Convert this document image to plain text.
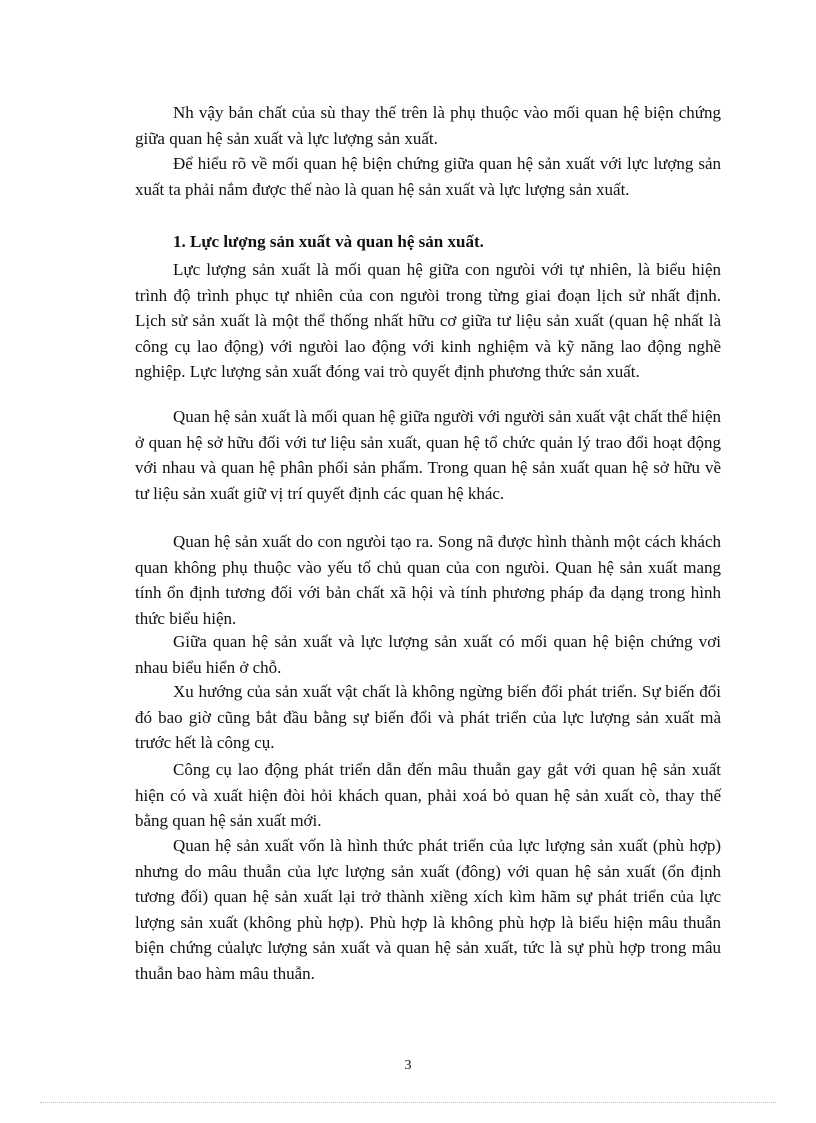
Nh vậy bản chất của sù thay thế trên là phụ thuộc vào mối quan hệ biện chứng giữa quan hệ sản xuất và lực lượng sản xuất.

Để hiểu rõ về mối quan hệ biện chứng giữa quan hệ sản xuất với lực lượng sản xuất ta phải nắm được thế nào là quan hệ sản xuất và lực lượng sản xuất.

1. Lực lượng sản xuất và quan hệ sản xuất.

Lực lượng sản xuất là mối quan hệ giữa con ngưòi với tự nhiên, là biểu hiện trình độ trình phục tự nhiên của con ngưòi trong từng giai đoạn lịch sử nhất định. Lịch sử sản xuất là một thể thống nhất hữu cơ giữa tư liệu sản xuất (quan hệ nhất là công cụ lao động) với ngưòi lao động với kinh nghiệm và kỹ năng lao động nghề nghiệp. Lực lượng sản xuất đóng vai trò quyết định phương thức sản xuất.

Quan hệ sản xuất là mối quan hệ giữa người với người sản xuất vật chất thể hiện ở quan hệ sở hữu đối với tư liệu sản xuất, quan hệ tổ chức quản lý trao đổi hoạt động với nhau và quan hệ phân phối sản phẩm. Trong quan hệ sản xuất quan hệ sở hữu về tư liệu sản xuất giữ vị trí quyết định các quan hệ khác.

Quan hệ sản xuất do con ngưòi tạo ra. Song nã được hình thành một cách khách quan không phụ thuộc vào yếu tố chủ quan của con ngưòi. Quan hệ sản xuất mang tính ổn định tương đối với bản chất xã hội và tính phương pháp đa dạng trong hình thức biểu hiện.

Giữa quan hệ sản xuất và lực lượng sản xuất có mối quan hệ biện chứng vơi nhau biểu hiển ở chỗ.

Xu hướng của sản xuất vật chất là không ngừng biến đổi phát triển. Sự biến đổi đó bao giờ cũng bắt đầu bằng sự biến đổi và phát triển của lực lượng sản xuất mà trước hết là công cụ.

Công cụ lao động phát triển dẫn đến mâu thuẫn gay gắt với quan hệ sản xuất hiện có và xuất hiện đòi hỏi khách quan, phải xoá bỏ quan hệ sản xuất cò, thay thế bằng quan hệ sản xuất mới.

Quan hệ sản xuất vốn là hình thức phát triển của lực lượng sản xuất (phù hợp) nhưng do mâu thuẫn của lực lượng sản xuất (đông) với quan hệ sản xuất (ổn định tương đối) quan hệ sản xuất lại trở thành xiềng xích kìm hãm sự phát triển của lực lượng sản xuất (không phù hợp). Phù hợp là không phù hợp là biểu hiện mâu thuẫn biện chứng củalực lượng sản xuất và quan hệ sản xuất, tức là sự phù hợp trong mâu thuẫn bao hàm mâu thuẫn.

3
